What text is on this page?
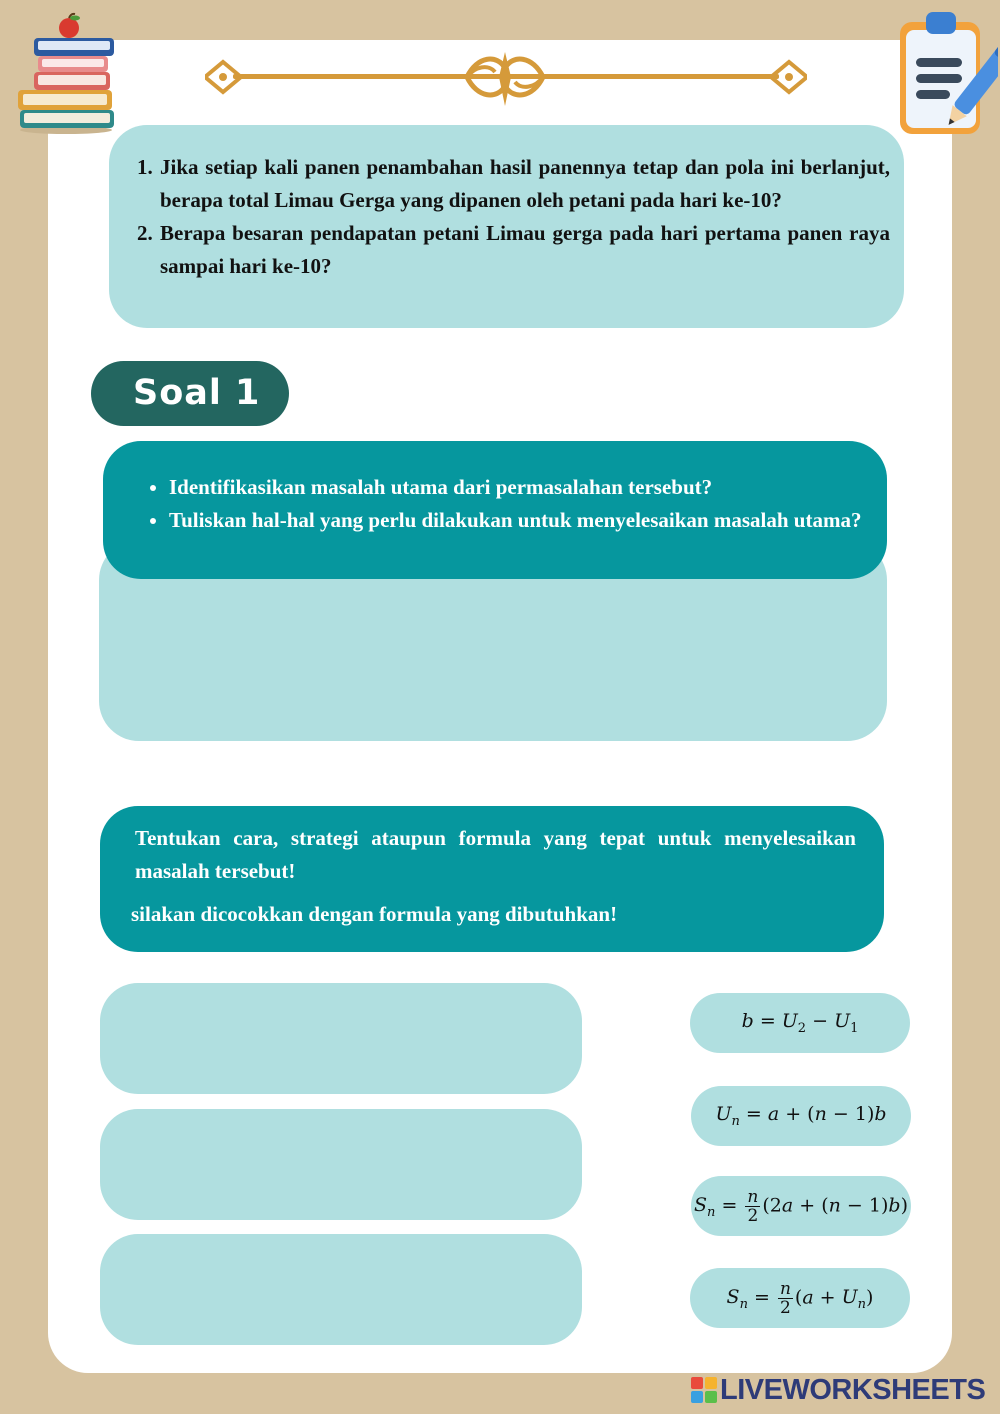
1. Jika setiap kali panen penambahan hasil panennya tetap dan pola ini berlanjut, berapa total Limau Gerga yang dipanen oleh petani pada hari ke-10?
2. Berapa besaran pendapatan petani Limau gerga pada hari pertama panen raya sampai hari ke-10?
Soal 1
• Identifikasikan masalah utama dari permasalahan tersebut?
• Tuliskan hal-hal yang perlu dilakukan untuk menyelesaikan masalah utama?
Tentukan cara, strategi ataupun formula yang tepat untuk menyelesaikan masalah tersebut!
silakan dicocokkan dengan formula yang dibutuhkan!
$b = U_2 - U_1$
$U_n = a + (n - 1)b$
$S_n = \frac{n}{2} (2a + (n - 1)b)$
$S_n = \frac{n}{2} (a + U_n)$
LIVEWORKSHEETS
